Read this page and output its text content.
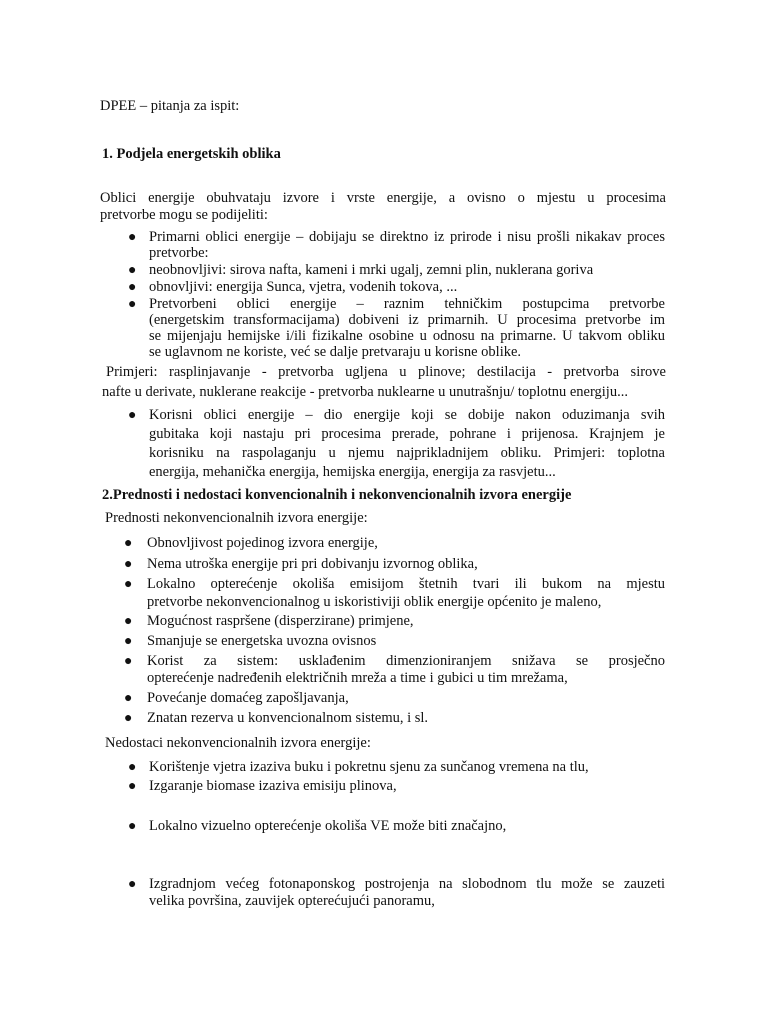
DPEE – pitanja za ispit:

1. Podjela energetskih oblika

Oblici energije obuhvataju izvore i vrste energije, a ovisno o mjestu u procesima

pretvorbe mogu se podijeliti:

● Primarni oblici energije – dobijaju se direktno iz prirode i nisu prošli nikakav proces

pretvorbe:

● neobnovljivi: sirova nafta, kameni i mrki ugalj, zemni plin, nuklerana goriva

● obnovljivi: energija Sunca, vjetra, vodenih tokova, ...

● Pretvorbeni oblici energije – raznim tehničkim postupcima pretvorbe

(energetskim transformacijama) dobiveni iz primarnih. U procesima pretvorbe im

se mijenjaju hemijske i/ili fizikalne osobine u odnosu na primarne. U takvom obliku

se uglavnom ne koriste, već se dalje pretvaraju u korisne oblike.

Primjeri: rasplinjavanje - pretvorba ugljena u plinove; destilacija - pretvorba sirove

nafte u derivate, nuklerane reakcije - pretvorba nuklearne u unutrašnju/ toplotnu energiju...

● Korisni oblici energije – dio energije koji se dobije nakon oduzimanja svih

gubitaka koji nastaju pri procesima prerade, pohrane i prijenosa. Krajnjem je

korisniku na raspolaganju u njemu najprikladnijem obliku. Primjeri: toplotna

energija, mehanička energija, hemijska energija, energija za rasvjetu...

2.Prednosti i nedostaci konvencionalnih i nekonvencionalnih izvora energije

Prednosti nekonvencionalnih izvora energije:

● Obnovljivost pojedinog izvora energije,

● Nema utroška energije pri pri dobivanju izvornog oblika,

● Lokalno opterećenje okoliša emisijom štetnih tvari ili bukom na mjestu

pretvorbe nekonvencionalnog u iskoristiviji oblik energije općenito je maleno,

● Mogućnost raspršene (disperzirane) primjene,

● Smanjuje se energetska uvozna ovisnos

● Korist za sistem: usklađenim dimenzioniranjem snižava se prosječno

opterećenje nadređenih električnih mreža a time i gubici u tim mrežama,

● Povećanje domaćeg zapošljavanja,

● Znatan rezerva u konvencionalnom sistemu, i sl.

Nedostaci nekonvencionalnih izvora energije:

● Korištenje vjetra izaziva buku i pokretnu sjenu za sunčanog vremena na tlu,

● Izgaranje biomase izaziva emisiju plinova,

● Lokalno vizuelno opterećenje okoliša VE može biti značajno,

● Izgradnjom većeg fotonaponskog postrojenja na slobodnom tlu može se zauzeti

velika površina, zauvijek opterećujući panoramu,
